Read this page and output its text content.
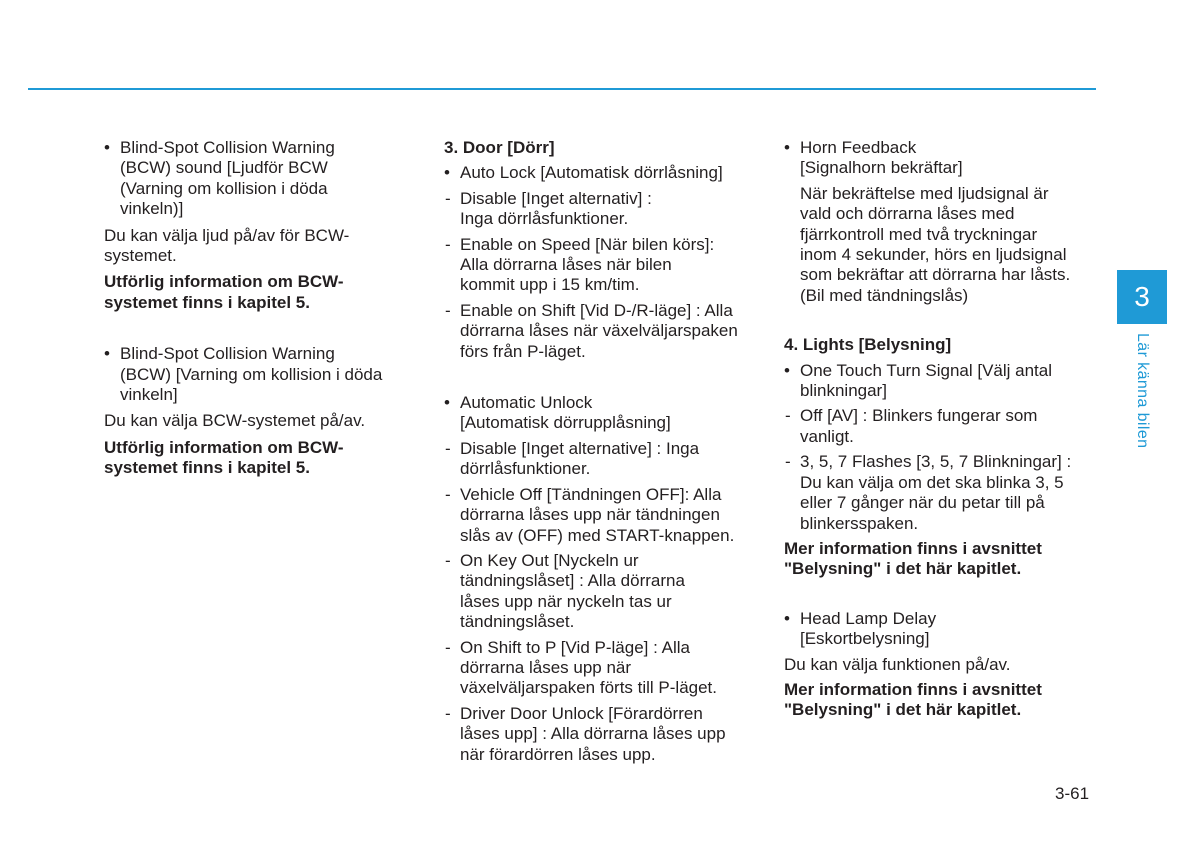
• Blind-Spot Collision Warning
(BCW) sound [Ljudför BCW
(Varning om kollision i döda
vinkeln)]
Du kan välja ljud på/av för BCW-
systemet.
Utförlig information om BCW-
systemet finns i kapitel 5.
• Blind-Spot Collision Warning
(BCW) [Varning om kollision i döda
vinkeln]
Du kan välja BCW-systemet på/av.
Utförlig information om BCW-
systemet finns i kapitel 5.
3. Door [Dörr]
• Auto Lock [Automatisk dörrlåsning]
- Disable [Inget alternativ] :
Inga dörrlåsfunktioner.
- Enable on Speed [När bilen körs]:
Alla dörrarna låses när bilen
kommit upp i 15 km/tim.
- Enable on Shift [Vid D-/R-läge] : Alla
dörrarna låses när växelväljarspaken
förs från P-läget.
• Automatic Unlock
[Automatisk dörrupplåsning]
- Disable [Inget alternative] : Inga
dörrlåsfunktioner.
- Vehicle Off [Tändningen OFF]: Alla
dörrarna låses upp när tändningen
slås av (OFF) med START-knappen.
- On Key Out [Nyckeln ur
tändningslåset] : Alla dörrarna
låses upp när nyckeln tas ur
tändningslåset.
- On Shift to P [Vid P-läge] : Alla
dörrarna låses upp när
växelväljarspaken förts till P-läget.
- Driver Door Unlock [Förardörren
låses upp] : Alla dörrarna låses upp
när förardörren låses upp.
• Horn Feedback
[Signalhorn bekräftar]
När bekräftelse med ljudsignal är
vald och dörrarna låses med
fjärrkontroll med två tryckningar
inom 4 sekunder, hörs en ljudsignal
som bekräftar att dörrarna har låsts.
(Bil med tändningslås)
4. Lights [Belysning]
• One Touch Turn Signal [Välj antal
blinkningar]
- Off [AV] : Blinkers fungerar som
vanligt.
- 3, 5, 7 Flashes [3, 5, 7 Blinkningar] :
Du kan välja om det ska blinka 3, 5
eller 7 gånger när du petar till på
blinkersspaken.
Mer information finns i avsnittet
"Belysning" i det här kapitlet.
• Head Lamp Delay
[Eskortbelysning]
Du kan välja funktionen på/av.
Mer information finns i avsnittet
"Belysning" i det här kapitlet.
3
Lär känna bilen
3-61
